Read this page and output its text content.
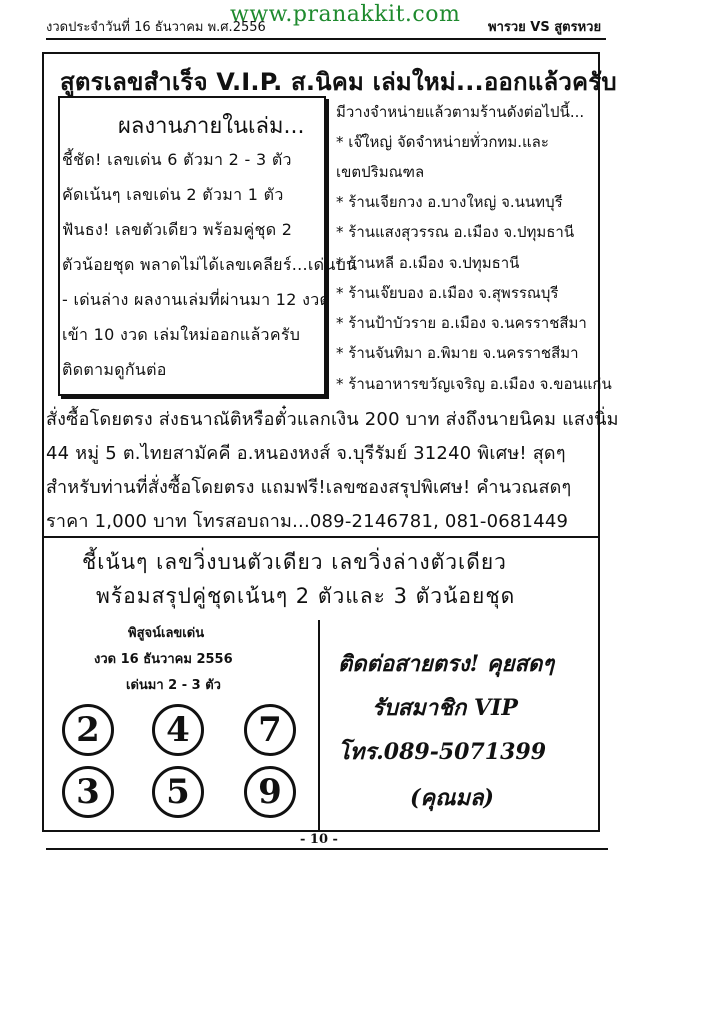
งวดประจำวันที่ 16 ธันวาคม พ.ศ.2556
www.pranakkit.com
พารวย VS สูตรหวย
สูตรเลขสำเร็จ V.I.P. ส.นิคม เล่มใหม่...ออกแล้วครับ
ผลงานภายในเล่ม...
ชี้ชัด! เลขเด่น 6 ตัวมา 2 - 3 ตัว
คัดเน้นๆ เลขเด่น 2 ตัวมา 1 ตัว
ฟันธง! เลขตัวเดียว พร้อมคู่ชุด 2
ตัวน้อยชุด พลาดไม่ได้เลขเคลียร์...เด่นบน
- เด่นล่าง ผลงานเล่มที่ผ่านมา 12 งวด
เข้า 10 งวด เล่มใหม่ออกแล้วครับ
ติดตามดูกันต่อ
มีวางจำหน่ายแล้วตามร้านดังต่อไปนี้...
* เจ๊ใหญ่ จัดจำหน่ายทั่วกทม.และ
เขตปริมณฑล
* ร้านเจียกวง อ.บางใหญ่ จ.นนทบุรี
* ร้านแสงสุวรรณ อ.เมือง จ.ปทุมธานี
* ร้านหลี อ.เมือง จ.ปทุมธานี
* ร้านเจ๊ยบอง อ.เมือง จ.สุพรรณบุรี
* ร้านป้าบัวราย อ.เมือง จ.นครราชสีมา
* ร้านจันทิมา อ.พิมาย จ.นครราชสีมา
* ร้านอาหารขวัญเจริญ อ.เมือง จ.ขอนแก่น
สั่งซื้อโดยตรง ส่งธนาณัติหรือตั๋วแลกเงิน 200 บาท ส่งถึงนายนิคม แสงนิ่ม
44 หมู่ 5 ต.ไทยสามัคคี อ.หนองหงส์ จ.บุรีรัมย์ 31240 พิเศษ! สุดๆ
สำหรับท่านที่สั่งซื้อโดยตรง แถมฟรี!เลขซองสรุปพิเศษ! คำนวณสดๆ
ราคา 1,000 บาท โทรสอบถาม...089-2146781, 081-0681449
ชี้เน้นๆ เลขวิ่งบนตัวเดียว เลขวิ่งล่างตัวเดียว
พร้อมสรุปคู่ชุดเน้นๆ 2 ตัวและ 3 ตัวน้อยชุด
พิสูจน์เลขเด่น
งวด 16 ธันวาคม 2556
เด่นมา 2 - 3 ตัว
2	4	7
3	5	9
ติดต่อสายตรง! คุยสดๆ
รับสมาชิก VIP
โทร.089-5071399
(คุณมล)
- 10 -
